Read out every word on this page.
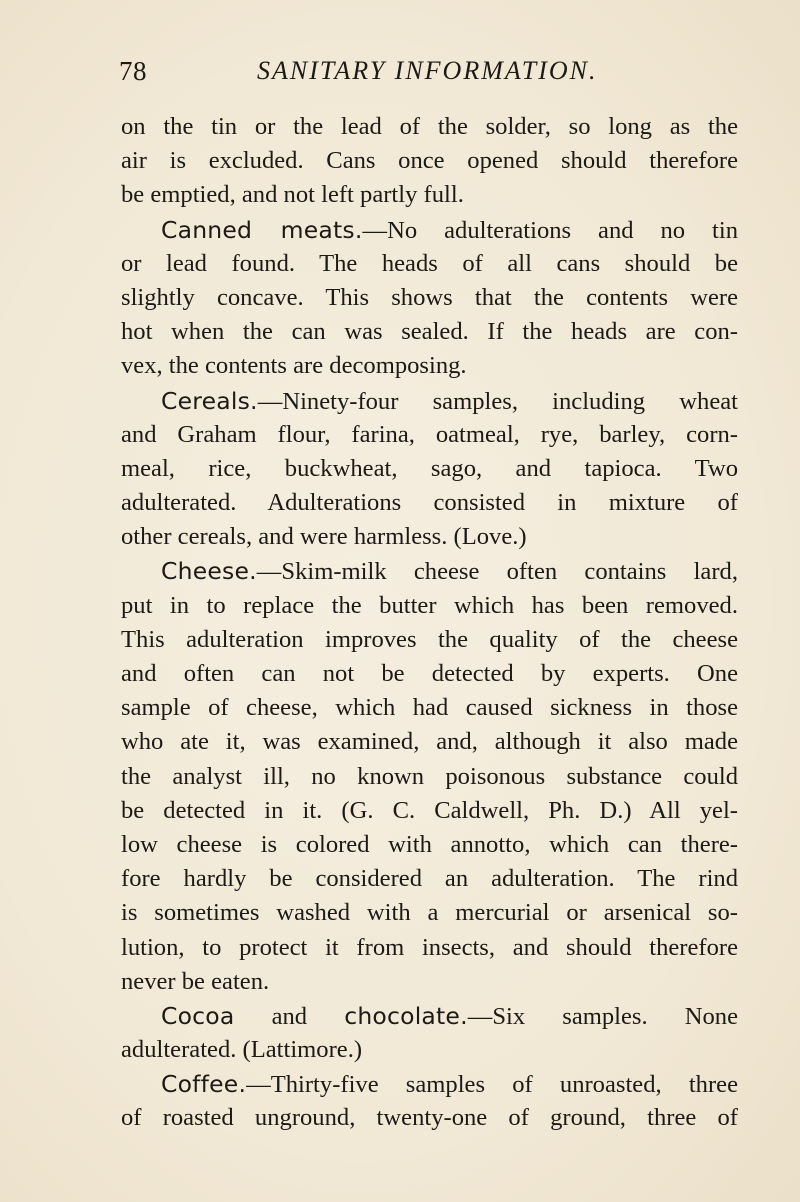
78	SANITARY INFORMATION.
on the tin or the lead of the solder, so long as the
air is excluded. Cans once opened should therefore
be emptied, and not left partly full.
Canned meats.—No adulterations and no tin
or lead found. The heads of all cans should be
slightly concave. This shows that the contents were
hot when the can was sealed. If the heads are con-
vex, the contents are decomposing.
Cereals.—Ninety-four samples, including wheat
and Graham flour, farina, oatmeal, rye, barley, corn-
meal, rice, buckwheat, sago, and tapioca. Two
adulterated. Adulterations consisted in mixture of
other cereals, and were harmless. (Love.)
Cheese.—Skim-milk cheese often contains lard,
put in to replace the butter which has been removed.
This adulteration improves the quality of the cheese
and often can not be detected by experts. One
sample of cheese, which had caused sickness in those
who ate it, was examined, and, although it also made
the analyst ill, no known poisonous substance could
be detected in it. (G. C. Caldwell, Ph. D.) All yel-
low cheese is colored with annotto, which can there-
fore hardly be considered an adulteration. The rind
is sometimes washed with a mercurial or arsenical so-
lution, to protect it from insects, and should therefore
never be eaten.
Cocoa and chocolate.—Six samples. None
adulterated. (Lattimore.)
Coffee.—Thirty-five samples of unroasted, three
of roasted unground, twenty-one of ground, three of
